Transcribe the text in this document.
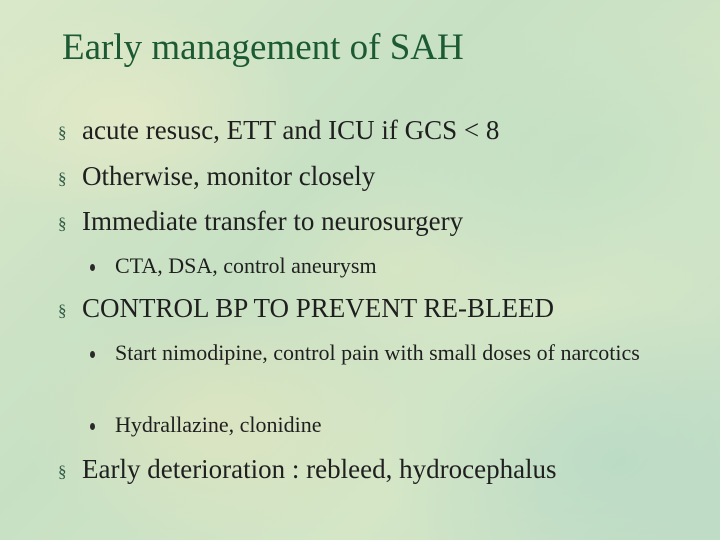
Early management of SAH
§ acute resusc, ETT and ICU if GCS < 8
§ Otherwise, monitor closely
§ Immediate transfer to neurosurgery
CTA, DSA, control aneurysm
§ CONTROL BP TO PREVENT RE-BLEED
Start nimodipine, control pain with small doses of narcotics
Hydrallazine, clonidine
§ Early deterioration : rebleed, hydrocephalus
